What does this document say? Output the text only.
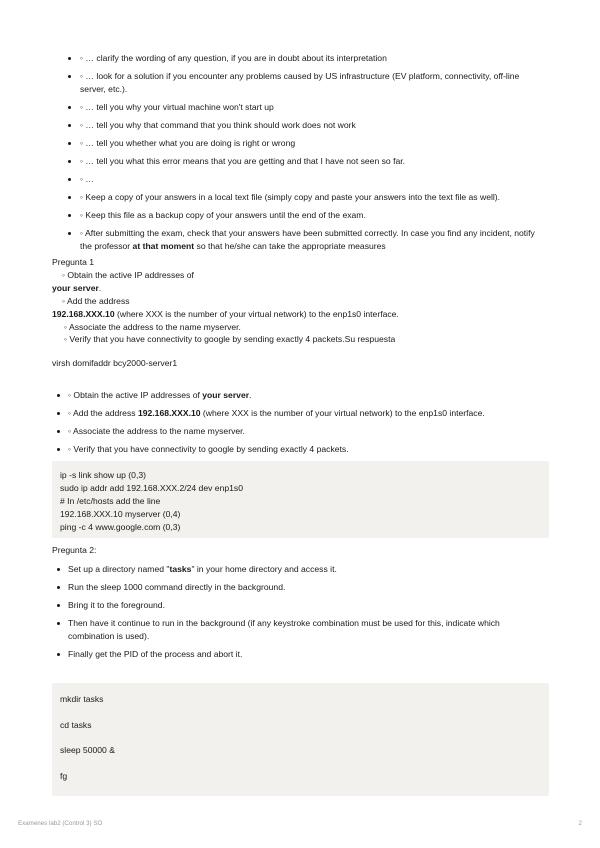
◦ … clarify the wording of any question, if you are in doubt about its interpretation
◦ … look for a solution if you encounter any problems caused by US infrastructure (EV platform, connectivity, off-line server, etc.).
◦ … tell you why your virtual machine won't start up
◦ … tell you why that command that you think should work does not work
◦ … tell you whether what you are doing is right or wrong
◦ … tell you what this error means that you are getting and that I have not seen so far.
◦ …
◦ Keep a copy of your answers in a local text file (simply copy and paste your answers into the text file as well).
◦ Keep this file as a backup copy of your answers until the end of the exam.
◦ After submitting the exam, check that your answers have been submitted correctly. In case you find any incident, notify the professor at that moment so that he/she can take the appropriate measures
Pregunta 1
◦ Obtain the active IP addresses of
your server.
◦ Add the address
192.168.XXX.10 (where XXX is the number of your virtual network) to the enp1s0 interface.
◦ Associate the address to the name myserver.
◦ Verify that you have connectivity to google by sending exactly 4 packets.Su respuesta
virsh domifaddr bcy2000-server1
◦ Obtain the active IP addresses of your server.
◦ Add the address 192.168.XXX.10 (where XXX is the number of your virtual network) to the enp1s0 interface.
◦ Associate the address to the name myserver.
◦ Verify that you have connectivity to google by sending exactly 4 packets.
ip -s link show up (0,3)
sudo ip addr add 192.168.XXX.2/24 dev enp1s0
# In /etc/hosts add the line
192.168.XXX.10 myserver (0,4)
ping -c 4 www.google.com (0,3)
Pregunta 2:
Set up a directory named "tasks" in your home directory and access it.
Run the sleep 1000 command directly in the background.
Bring it to the foreground.
Then have it continue to run in the background (if any keystroke combination must be used for this, indicate which combination is used).
Finally get the PID of the process and abort it.
mkdir tasks
cd tasks
sleep 50000 &
fg
Examenes lab2 (Control 3) SO	2
